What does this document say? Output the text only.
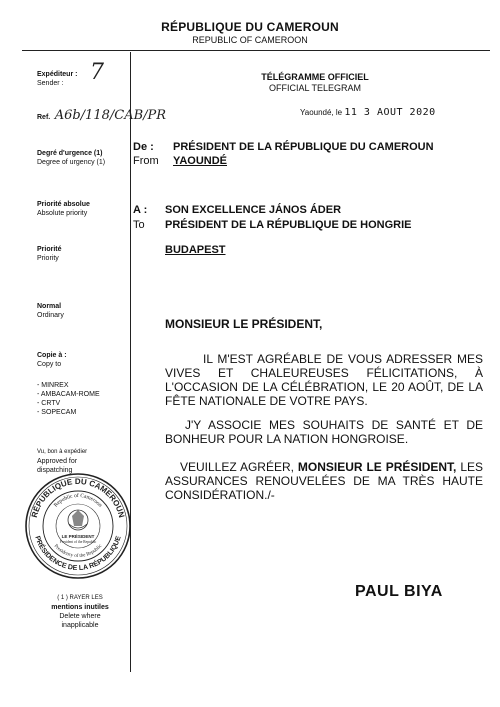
RÉPUBLIQUE DU CAMEROUN
REPUBLIC OF CAMEROON
TÉLÉGRAMME OFFICIEL
OFFICIAL TELEGRAM
Yaoundé, le 11 3 AOUT 2020
Expéditeur :
Sender :	7
Ref. A6b/118/CAB/PR
Degré d'urgence (1)
Degree of urgency (1)
Priorité absolue
Absolute priority
Priorité
Priority
Normal
Ordinary
Copie à :
Copy to
- MINREX
- AMBACAM-ROME
- CRTV
- SOPECAM
Vu, bon à expédier
Approved for
dispatching
RÉPUBLIQUE DU CAMEROUN
PRÉSIDENCE DE LA RÉPUBLIQUE
Republic of Cameroon
Presidency of the Republic
LE PRÉSIDENT
President of the Republic
( 1 ) RAYER LES
mentions inutiles
Delete where
inapplicable
De :
From
PRÉSIDENT DE LA RÉPUBLIQUE DU CAMEROUN
YAOUNDÉ
A :
To
SON EXCELLENCE JÁNOS ÁDER
PRÉSIDENT DE LA RÉPUBLIQUE DE HONGRIE
BUDAPEST
MONSIEUR LE PRÉSIDENT,
IL M'EST AGRÉABLE DE VOUS ADRESSER MES VIVES ET CHALEUREUSES FÉLICITATIONS, À L'OCCASION DE LA CÉLÉBRATION, LE 20 AOÛT, DE LA FÊTE NATIONALE DE VOTRE PAYS.
J'Y ASSOCIE MES SOUHAITS DE SANTÉ ET DE BONHEUR POUR LA NATION HONGROISE.
VEUILLEZ AGRÉER, MONSIEUR LE PRÉSIDENT, LES ASSURANCES RENOUVELÉES DE MA TRÈS HAUTE CONSIDÉRATION./-
PAUL BIYA
